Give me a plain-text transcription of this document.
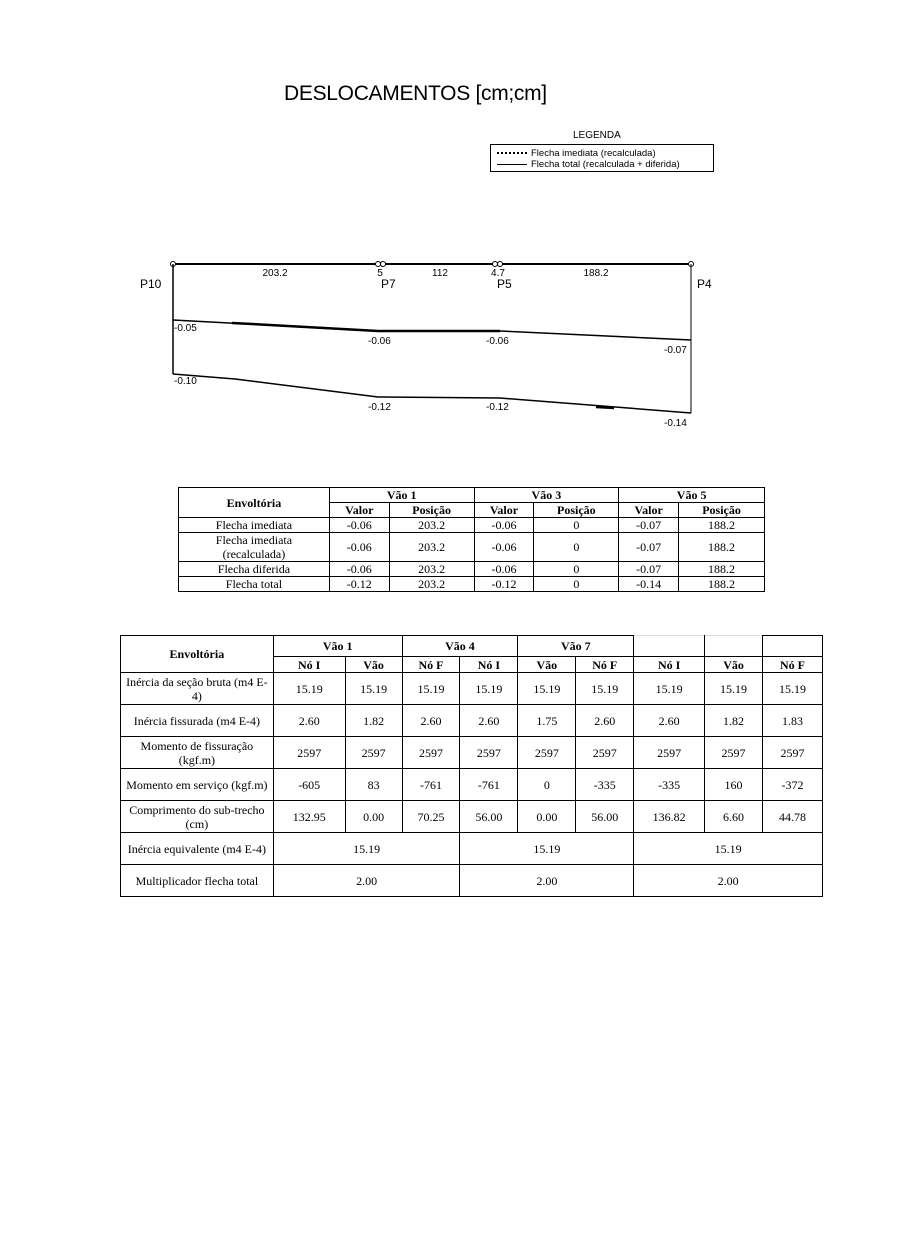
DESLOCAMENTOS [cm;cm]
LEGENDA
Flecha imediata (recalculada)
Flecha total (recalculada + diferida)
203.2	5	112	4.7	188.2
P10	P7	P5	P4
-0.05
-0.06	-0.06
-0.07
-0.10
-0.12	-0.12
-0.14
Envoltória	Vão 1		Vão 3		Vão 5	
	Valor	Posição	Valor	Posição	Valor	Posição
Flecha imediata	-0.06	203.2	-0.06	0	-0.07	188.2
Flecha imediata (recalculada)	-0.06	203.2	-0.06	0	-0.07	188.2
Flecha diferida	-0.06	203.2	-0.06	0	-0.07	188.2
Flecha total	-0.12	203.2	-0.12	0	-0.14	188.2
Envoltória	Vão 1		Vão 4		Vão 7				
	Nó I	Vão	Nó F	Nó I	Vão	Nó F	Nó I	Vão	Nó F
Inércia da seção bruta (m4 E-4)	15.19	15.19	15.19	15.19	15.19	15.19	15.19	15.19	15.19
Inércia fissurada (m4 E-4)	2.60	1.82	2.60	2.60	1.75	2.60	2.60	1.82	1.83
Momento de fissuração (kgf.m)	2597	2597	2597	2597	2597	2597	2597	2597	2597
Momento em serviço (kgf.m)	-605	83	-761	-761	0	-335	-335	160	-372
Comprimento do sub-trecho (cm)	132.95	0.00	70.25	56.00	0.00	56.00	136.82	6.60	44.78
Inércia equivalente (m4 E-4)	15.19			15.19			15.19		
Multiplicador flecha total	2.00			2.00			2.00		
